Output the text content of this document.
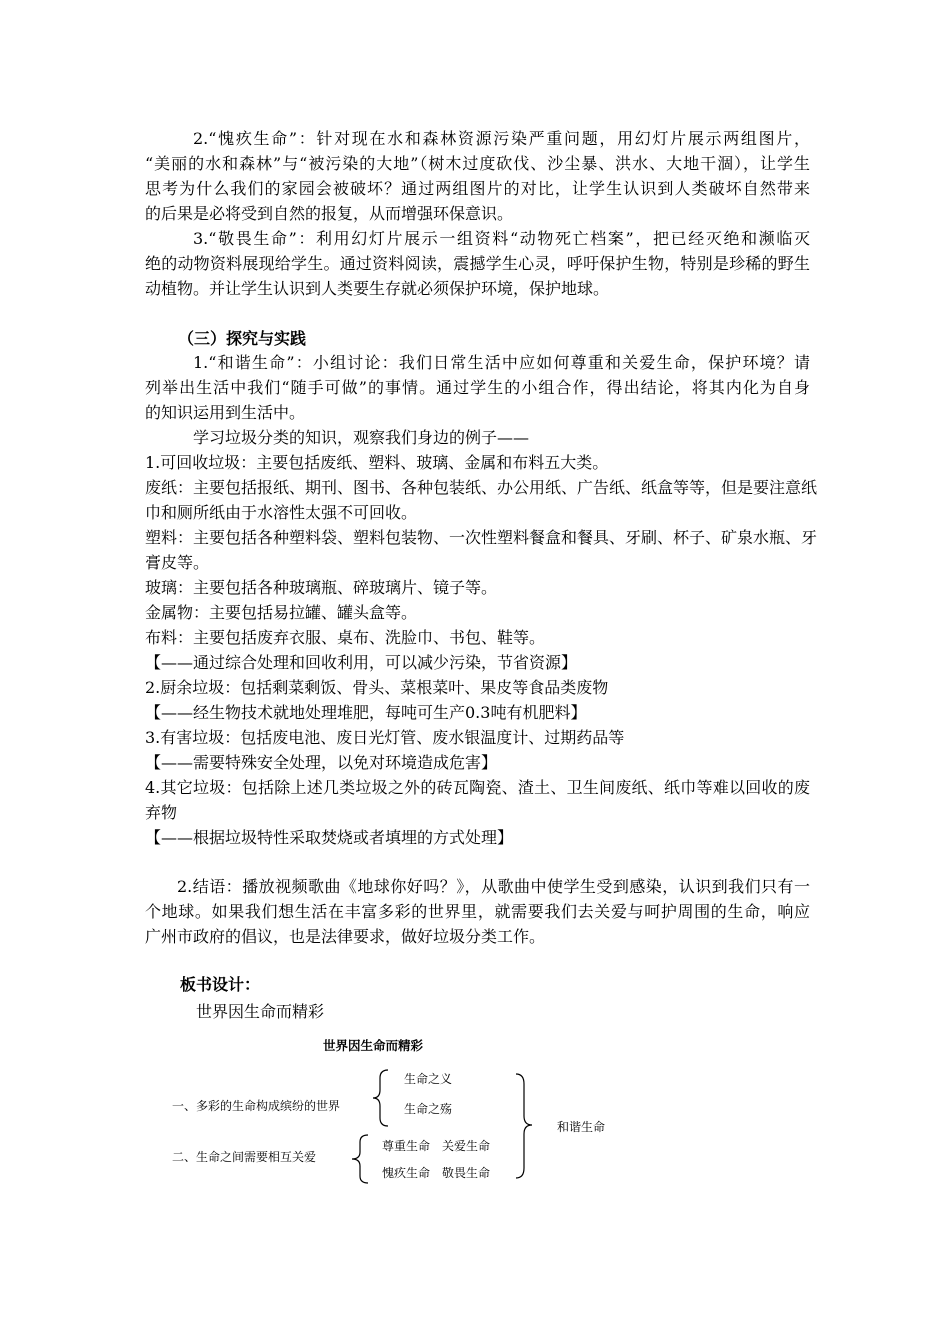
2.“愧疚生命”：针对现在水和森林资源污染严重问题，用幻灯片展示两组图片，
“美丽的水和森林”与“被污染的大地”（树木过度砍伐、沙尘暴、洪水、大地干涸），让学生
思考为什么我们的家园会被破坏？通过两组图片的对比，让学生认识到人类破坏自然带来
的后果是必将受到自然的报复，从而增强环保意识。
3.“敬畏生命”：利用幻灯片展示一组资料“动物死亡档案”，把已经灭绝和濒临灭
绝的动物资料展现给学生。通过资料阅读，震撼学生心灵，呼吁保护生物，特别是珍稀的野生
动植物。并让学生认识到人类要生存就必须保护环境，保护地球。
（三）探究与实践
1.“和谐生命”：小组讨论：我们日常生活中应如何尊重和关爱生命，保护环境？请
列举出生活中我们“随手可做”的事情。通过学生的小组合作，得出结论，将其内化为自身
的知识运用到生活中。
学习垃圾分类的知识，观察我们身边的例子——
1.可回收垃圾：主要包括废纸、塑料、玻璃、金属和布料五大类。
废纸：主要包括报纸、期刊、图书、各种包装纸、办公用纸、广告纸、纸盒等等，但是要注意纸
巾和厕所纸由于水溶性太强不可回收。
塑料：主要包括各种塑料袋、塑料包装物、一次性塑料餐盒和餐具、牙刷、杯子、矿泉水瓶、牙
膏皮等。
玻璃：主要包括各种玻璃瓶、碎玻璃片、镜子等。
金属物：主要包括易拉罐、罐头盒等。
布料：主要包括废弃衣服、桌布、洗脸巾、书包、鞋等。
【——通过综合处理和回收利用，可以减少污染，节省资源】
2.厨余垃圾：包括剩菜剩饭、骨头、菜根菜叶、果皮等食品类废物
【——经生物技术就地处理堆肥，每吨可生产0.3吨有机肥料】
3.有害垃圾：包括废电池、废日光灯管、废水银温度计、过期药品等
【——需要特殊安全处理，以免对环境造成危害】
4.其它垃圾：包括除上述几类垃圾之外的砖瓦陶瓷、渣土、卫生间废纸、纸巾等难以回收的废
弃物
【——根据垃圾特性采取焚烧或者填埋的方式处理】
2.结语：播放视频歌曲《地球你好吗？》，从歌曲中使学生受到感染，认识到我们只有一
个地球。如果我们想生活在丰富多彩的世界里，就需要我们去关爱与呵护周围的生命，响应
广州市政府的倡议，也是法律要求，做好垃圾分类工作。
板书设计：
世界因生命而精彩
世界因生命而精彩
一、多彩的生命构成缤纷的世界
生命之义
生命之殇
二、生命之间需要相互关爱
尊重生命　关爱生命
愧疚生命　敬畏生命
和谐生命
